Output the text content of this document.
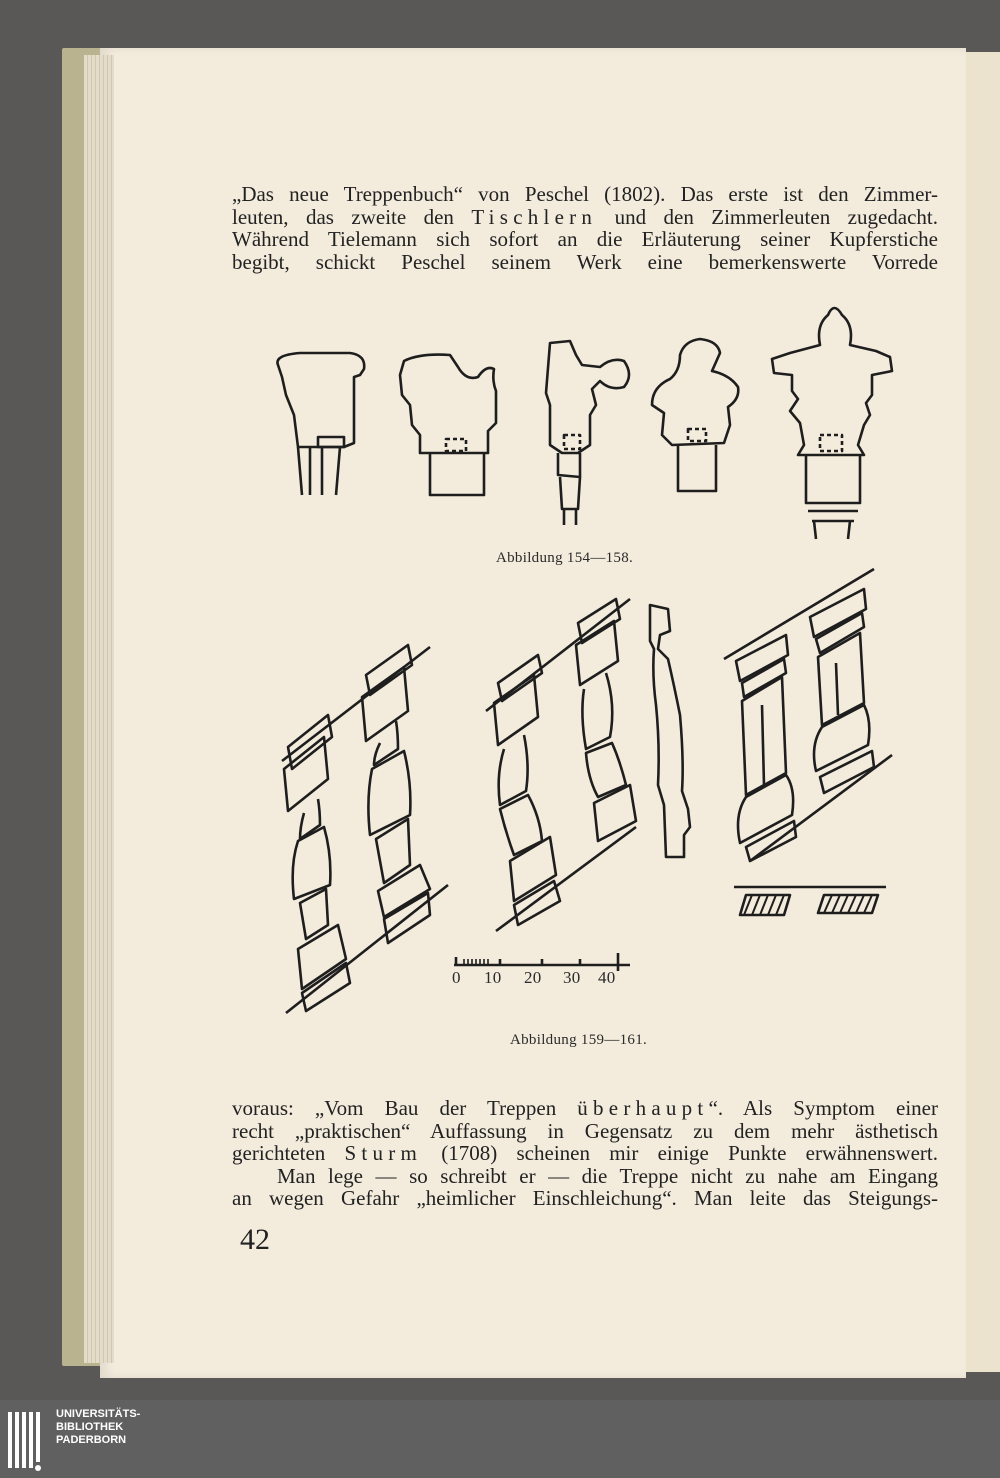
„Das neue Treppenbuch“ von Peschel (1802). Das erste ist den Zimmer-
leuten, das zweite den Tischlern und den Zimmerleuten zugedacht.
Während Tielemann sich sofort an die Erläuterung seiner Kupferstiche
begibt, schickt Peschel seinem Werk eine bemerkenswerte Vorrede
Abbildung 154—158.
0 10 20 30 40
Abbildung 159—161.
voraus: „Vom Bau der Treppen überhaupt“. Als Symptom einer
recht „praktischen“ Auffassung in Gegensatz zu dem mehr ästhetisch
gerichteten Sturm (1708) scheinen mir einige Punkte erwähnenswert.
Man lege — so schreibt er — die Treppe nicht zu nahe am Eingang
an wegen Gefahr „heimlicher Einschleichung“. Man leite das Steigungs-
42
UNIVERSITÄTS-
BIBLIOTHEK
PADERBORN
